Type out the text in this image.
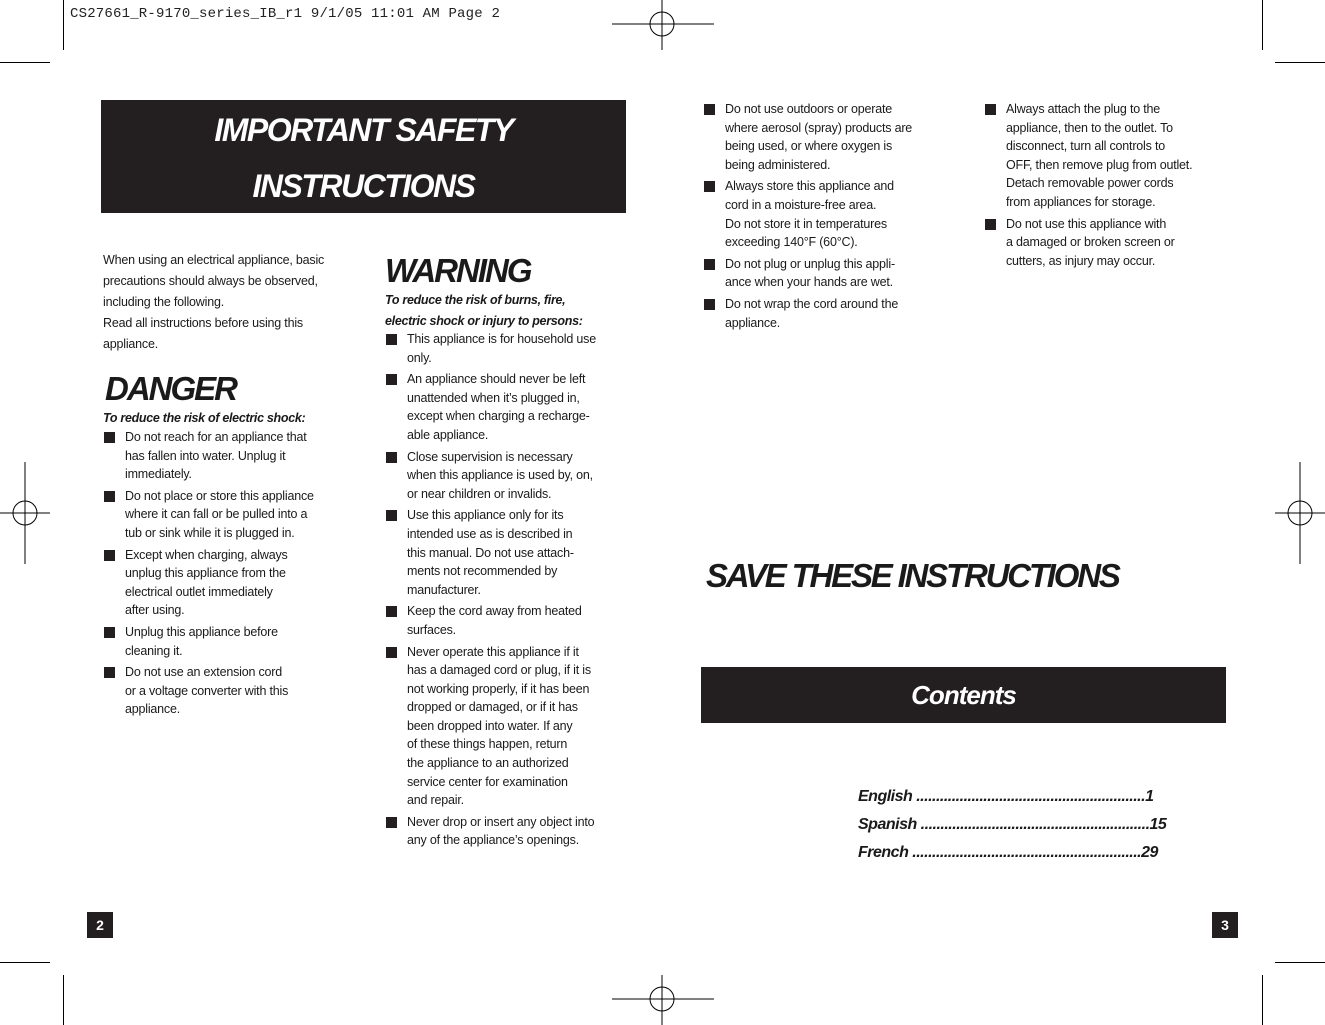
CS27661_R-9170_series_IB_r1 9/1/05 11:01 AM Page 2
IMPORTANT SAFETY
INSTRUCTIONS
When using an electrical appliance, basic
precautions should always be observed,
including the following.
Read all instructions before using this
appliance.
DANGER
To reduce the risk of electric shock:
Do not reach for an appliance that
has fallen into water. Unplug it
immediately.
Do not place or store this appliance
where it can fall or be pulled into a
tub or sink while it is plugged in.
Except when charging, always
unplug this appliance from the
electrical outlet immediately
after using.
Unplug this appliance before
cleaning it.
Do not use an extension cord
or a voltage converter with this
appliance.
WARNING
To reduce the risk of burns, fire,
electric shock or injury to persons:
This appliance is for household use
only.
An appliance should never be left
unattended when it’s plugged in,
except when charging a recharge-
able appliance.
Close supervision is necessary
when this appliance is used by, on,
or near children or invalids.
Use this appliance only for its
intended use as is described in
this manual. Do not use attach-
ments not recommended by
manufacturer.
Keep the cord away from heated
surfaces.
Never operate this appliance if it
has a damaged cord or plug, if it is
not working properly, if it has been
dropped or damaged, or if it has
been dropped into water. If any
of these things happen, return
the appliance to an authorized
service center for examination
and repair.
Never drop or insert any object into
any of the appliance’s openings.
2
Do not use outdoors or operate
where aerosol (spray) products are
being used, or where oxygen is
being administered.
Always store this appliance and
cord in a moisture-free area.
Do not store it in temperatures
exceeding 140°F (60°C).
Do not plug or unplug this appli-
ance when your hands are wet.
Do not wrap the cord around the
appliance.
Always attach the plug to the
appliance, then to the outlet. To
disconnect, turn all controls to
OFF, then remove plug from outlet.
Detach removable power cords
from appliances for storage.
Do not use this appliance with
a damaged or broken screen or
cutters, as injury may occur.
SAVE THESE INSTRUCTIONS
Contents
English .......................................................... 1
Spanish .......................................................... 15
French .......................................................... 29
3
